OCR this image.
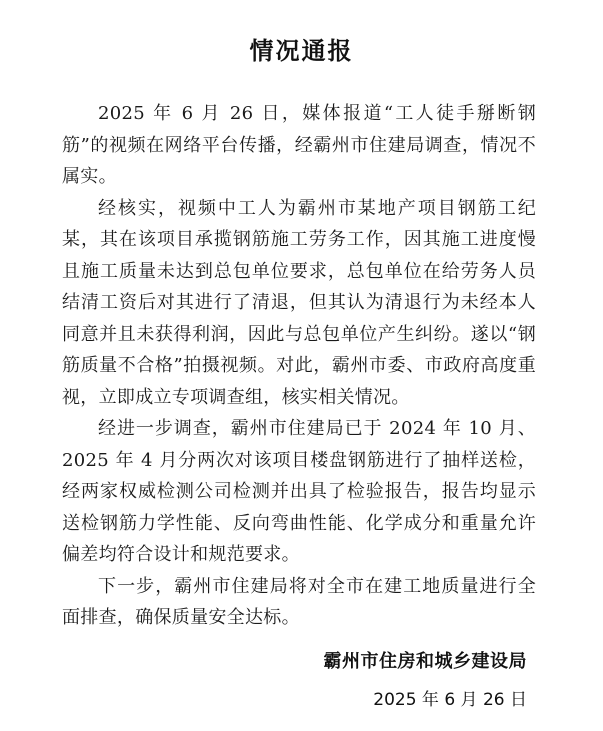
情况通报

2025 年 6 月 26 日，媒体报道“工人徒手掰断钢筋”的视频在网络平台传播，经霸州市住建局调查，情况不属实。

经核实，视频中工人为霸州市某地产项目钢筋工纪某，其在该项目承揽钢筋施工劳务工作，因其施工进度慢且施工质量未达到总包单位要求，总包单位在给劳务人员结清工资后对其进行了清退，但其认为清退行为未经本人同意并且未获得利润，因此与总包单位产生纠纷。遂以“钢筋质量不合格”拍摄视频。对此，霸州市委、市政府高度重视，立即成立专项调查组，核实相关情况。

经进一步调查，霸州市住建局已于 2024 年 10 月、2025 年 4 月分两次对该项目楼盘钢筋进行了抽样送检，经两家权威检测公司检测并出具了检验报告，报告均显示送检钢筋力学性能、反向弯曲性能、化学成分和重量允许偏差均符合设计和规范要求。

下一步，霸州市住建局将对全市在建工地质量进行全面排查，确保质量安全达标。

霸州市住房和城乡建设局
2025 年 6 月 26 日
